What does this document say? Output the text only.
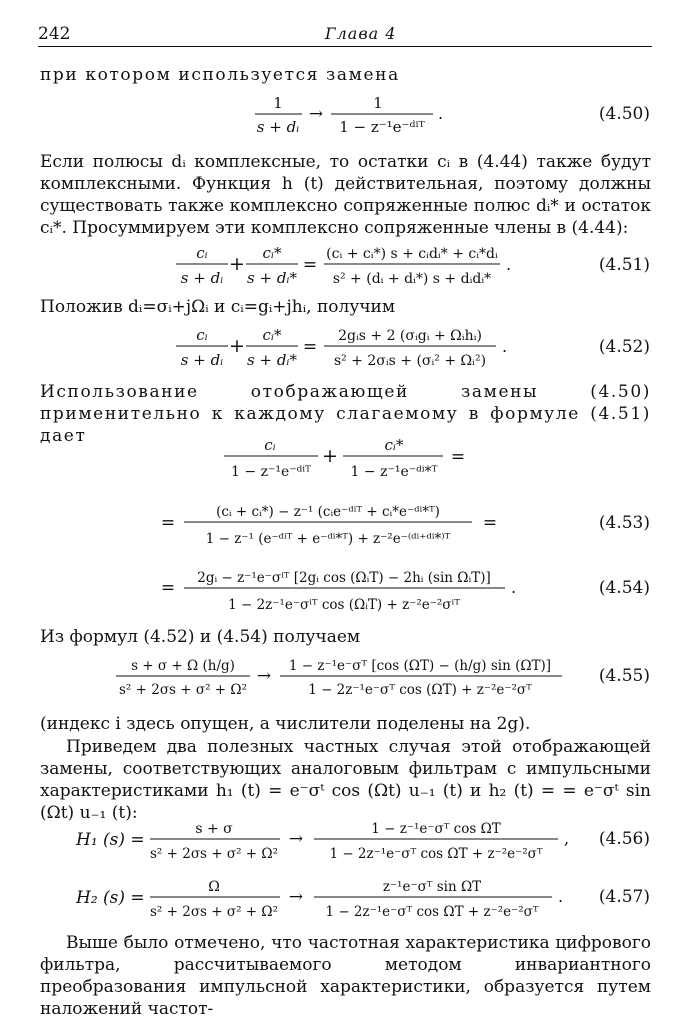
242	Глава 4

при котором используется замена

1
s + dᵢ
→
1
1 − z⁻¹e⁻ᵈⁱᵀ
.	(4.50)

Если полюсы dᵢ комплексные, то остатки cᵢ в (4.44) также будут комплексными. Функция h (t) действительная, поэтому должны существовать также комплексно сопряженные полюс dᵢ* и остаток cᵢ*. Просуммируем эти комплексно сопряженные члены в (4.44):

cᵢ
s + dᵢ
+ cᵢ*
s + dᵢ*
=
(cᵢ + cᵢ*) s + cᵢdᵢ* + cᵢ*dᵢ
s² + (dᵢ + dᵢ*) s + dᵢdᵢ*
.	(4.51)

Положив dᵢ=σᵢ+jΩᵢ и cᵢ=gᵢ+jhᵢ, получим

cᵢ
s + dᵢ
+ cᵢ*
s + dᵢ*
=
2gᵢs + 2 (σᵢgᵢ + Ωᵢhᵢ)
s² + 2σᵢs + (σᵢ² + Ωᵢ²)
.	(4.52)

Использование отображающей замены (4.50) применительно к каждому слагаемому в формуле (4.51) дает	cᵢ
1 − z⁻¹e⁻ᵈⁱᵀ
+	cᵢ*
1 − z⁻¹e⁻ᵈⁱ*ᵀ
=
=
(cᵢ + cᵢ*) − z⁻¹ (cᵢe⁻ᵈⁱᵀ + cᵢ*e⁻ᵈⁱ*ᵀ)
1 − z⁻¹ (e⁻ᵈⁱᵀ + e⁻ᵈⁱ*ᵀ) + z⁻²e⁻⁽ᵈⁱ⁺ᵈⁱ*⁾ᵀ
=	(4.53)
= 2gᵢ − z⁻¹e⁻σⁱᵀ [2gᵢ cos (ΩᵢT) − 2hᵢ (sin ΩᵢT)]
1 − 2z⁻¹e⁻σⁱᵀ cos (ΩᵢT) + z⁻²e⁻²σⁱᵀ
.	(4.54)

Из формул (4.52) и (4.54) получаем

s + σ + Ω (h/g)
s² + 2σs + σ² + Ω²
→ 1 − z⁻¹e⁻σᵀ [cos (ΩT) − (h/g) sin (ΩT)]
1 − 2z⁻¹e⁻σᵀ cos (ΩT) + z⁻²e⁻²σᵀ
(4.55)

(индекс i здесь опущен, а числители поделены на 2g).

Приведем два полезных частных случая этой отображающей замены, соответствующих аналоговым фильтрам с импульсными характеристиками h₁ (t) = e⁻σᵗ cos (Ωt) u₋₁ (t) и h₂ (t) = = e⁻σᵗ sin (Ωt) u₋₁ (t):

H₁ (s) =
s + σ
s² + 2σs + σ² + Ω²
→	1 − z⁻¹e⁻σᵀ cos ΩT
1 − 2z⁻¹e⁻σᵀ cos ΩT + z⁻²e⁻²σᵀ
, (4.56)
H₂ (s) =
Ω
s² + 2σs + σ² + Ω²
→	z⁻¹e⁻σᵀ sin ΩT
1 − 2z⁻¹e⁻σᵀ cos ΩT + z⁻²e⁻²σᵀ
. (4.57)

Выше было отмечено, что частотная характеристика цифрового фильтра, рассчитываемого методом инвариантного преобразования импульсной характеристики, образуется путем наложений частот-
